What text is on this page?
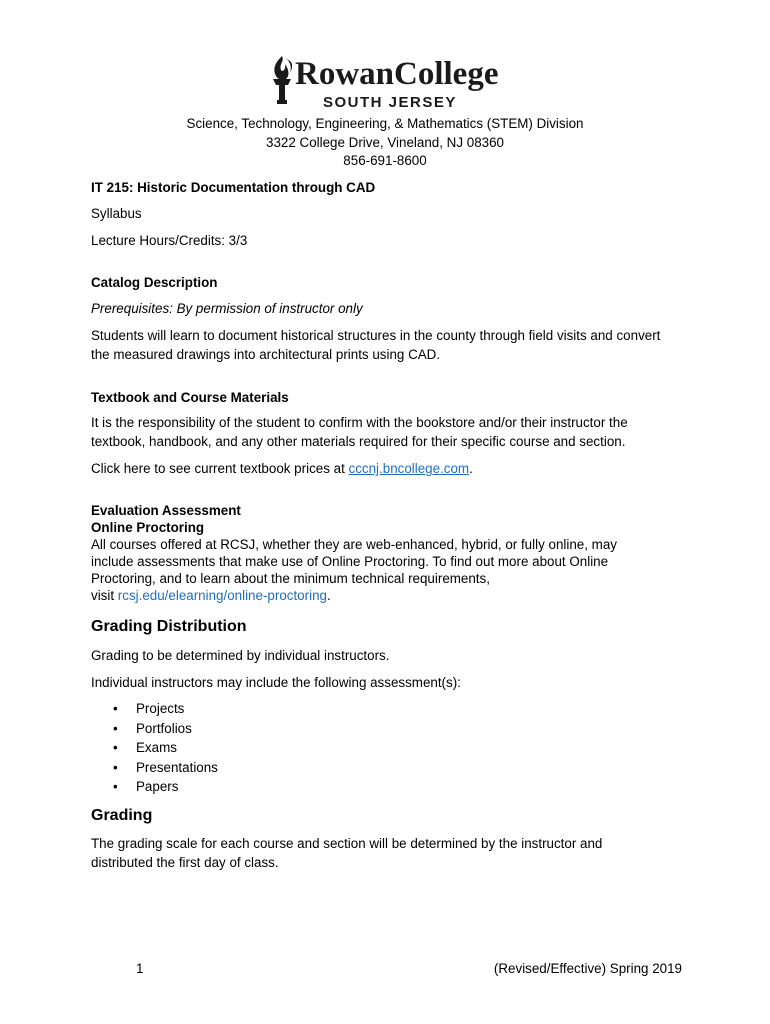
RowanCollege
SOUTH JERSEY
Science, Technology, Engineering, & Mathematics (STEM) Division
3322 College Drive, Vineland, NJ 08360
856-691-8600

IT 215: Historic Documentation through CAD

Syllabus

Lecture Hours/Credits: 3/3

Catalog Description

Prerequisites: By permission of instructor only

Students will learn to document historical structures in the county through field visits and convert

the measured drawings into architectural prints using CAD.

Textbook and Course Materials

It is the responsibility of the student to confirm with the bookstore and/or their instructor the

textbook, handbook, and any other materials required for their specific course and section.

Click here to see current textbook prices at cccnj.bncollege.com.

Evaluation Assessment

Online Proctoring

All courses offered at RCSJ, whether they are web-enhanced, hybrid, or fully online, may

include assessments that make use of Online Proctoring. To find out more about Online

Proctoring, and to learn about the minimum technical requirements,

visit rcsj.edu/elearning/online-proctoring.

Grading Distribution

Grading to be determined by individual instructors.

Individual instructors may include the following assessment(s):

• Projects
• Portfolios
• Exams
• Presentations
• Papers

Grading

The grading scale for each course and section will be determined by the instructor and

distributed the first day of class.

1	(Revised/Effective) Spring 2019
